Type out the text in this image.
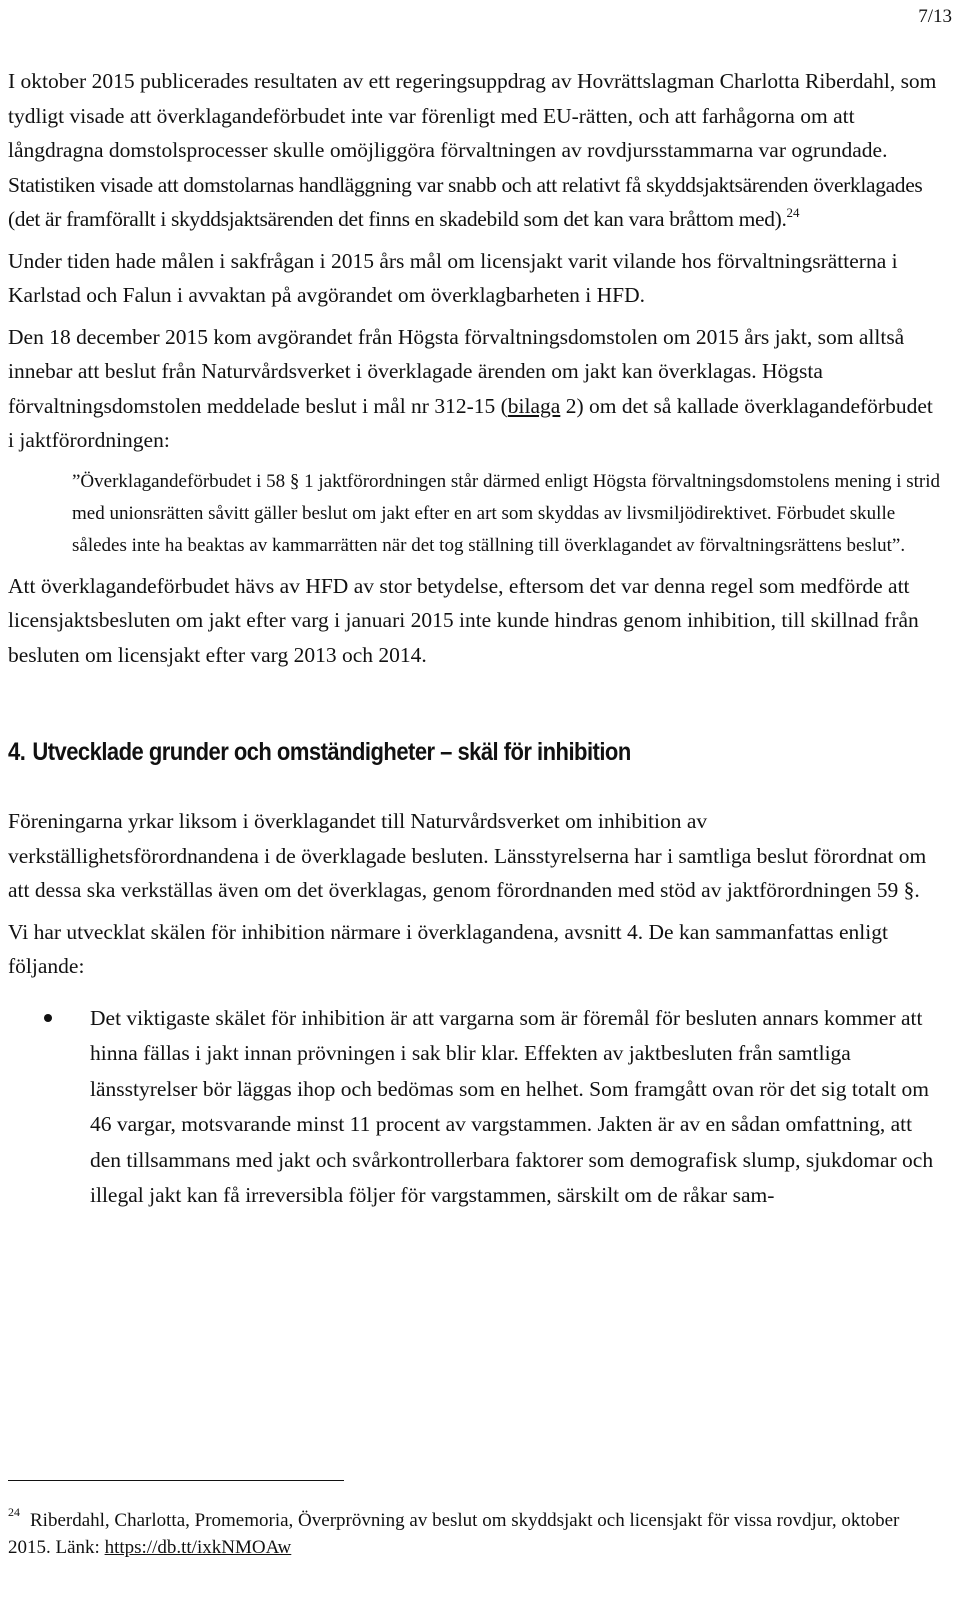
7/13

I oktober 2015 publicerades resultaten av ett regeringsuppdrag av Hovrättslagman Charlotta Riberdahl, som tydligt visade att överklagandeförbudet inte var förenligt med EU-rätten, och att farhågorna om att långdragna domstolsprocesser skulle omöjliggöra förvaltningen av rovdjursstammarna var ogrundade. Statistiken visade att domstolarnas handläggning var snabb och att relativt få skyddsjaktsärenden överklagades (det är framförallt i skyddsjaktsärenden det finns en skadebild som det kan vara bråttom med).$^{24}$

Under tiden hade målen i sakfrågan i 2015 års mål om licensjakt varit vilande hos förvaltningsrätterna i Karlstad och Falun i avvaktan på avgörandet om överklagbarheten i HFD.

Den 18 december 2015 kom avgörandet från Högsta förvaltningsdomstolen om 2015 års jakt, som alltså innebar att beslut från Naturvårdsverket i överklagade ärenden om jakt kan överklagas. Högsta förvaltningsdomstolen meddelade beslut i mål nr 312-15 (bilaga 2) om det så kallade överklagandeförbudet i jaktförordningen:

”Överklagandeförbudet i 58 § 1 jaktförordningen står därmed enligt Högsta förvaltningsdomstolens mening i strid med unionsrätten såvitt gäller beslut om jakt efter en art som skyddas av livsmiljödirektivet. Förbudet skulle således inte ha beaktas av kammarrätten när det tog ställning till överklagandet av förvaltningsrättens beslut”.

Att överklagandeförbudet hävs av HFD av stor betydelse, eftersom det var denna regel som medförde att licensjaktsbesluten om jakt efter varg i januari 2015 inte kunde hindras genom inhibition, till skillnad från besluten om licensjakt efter varg 2013 och 2014.

4. Utvecklade grunder och omständigheter – skäl för inhibition

Föreningarna yrkar liksom i överklagandet till Naturvårdsverket om inhibition av verkställighetsförordnandena i de överklagade besluten. Länsstyrelserna har i samtliga beslut förordnat om att dessa ska verkställas även om det överklagas, genom förordnanden med stöd av jaktförordningen 59 §.

Vi har utvecklat skälen för inhibition närmare i överklagandena, avsnitt 4. De kan sammanfattas enligt följande:

Det viktigaste skälet för inhibition är att vargarna som är föremål för besluten annars kommer att hinna fällas i jakt innan prövningen i sak blir klar. Effekten av jaktbesluten från samtliga länsstyrelser bör läggas ihop och bedömas som en helhet. Som framgått ovan rör det sig totalt om 46 vargar, motsvarande minst 11 procent av vargstammen. Jakten är av en sådan omfattning, att den tillsammans med jakt och svårkontrollerbara faktorer som demografisk slump, sjukdomar och illegal jakt kan få irreversibla följer för vargstammen, särskilt om de råkar sam-
$^{24}$ Riberdahl, Charlotta, Promemoria, Överprövning av beslut om skyddsjakt och licensjakt för vissa rovdjur, oktober 2015. Länk: https://db.tt/ixkNMOAw
